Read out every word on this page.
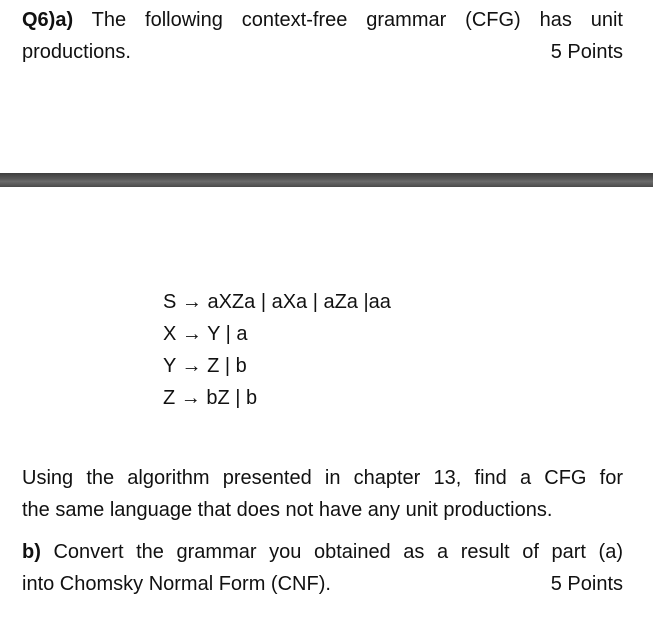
Q6)a) The following context-free grammar (CFG) has unit
productions.	5 Points
S → aXZa | aXa | aZa |aa
X → Y | a
Y → Z | b
Z → bZ | b
Using the algorithm presented in chapter 13, find a CFG for
the same language that does not have any unit productions.
b) Convert the grammar you obtained as a result of part (a)
into Chomsky Normal Form (CNF).	5 Points
